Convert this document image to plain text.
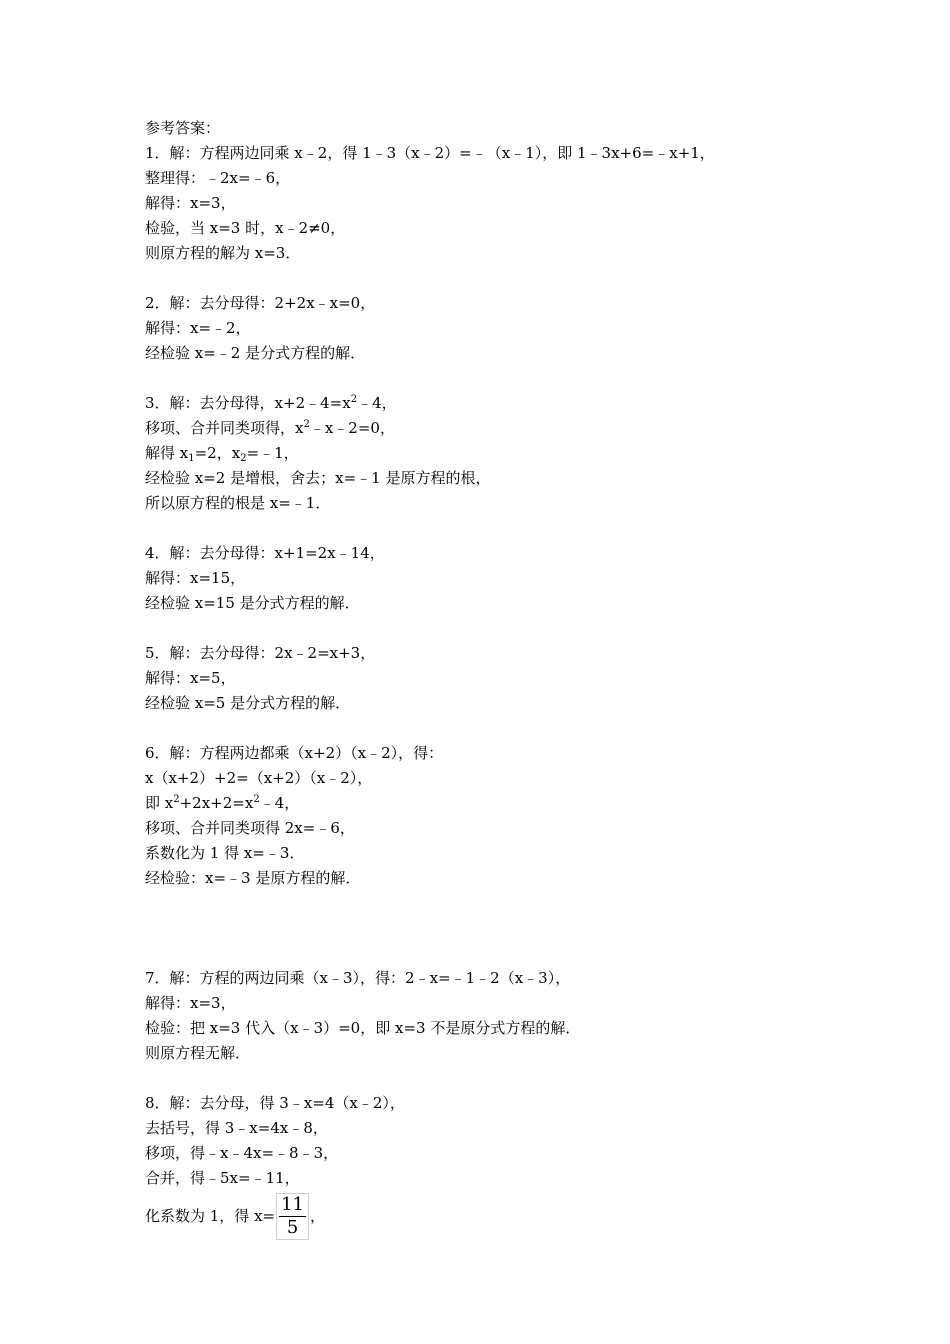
参考答案：
1．解：方程两边同乘 x﹣2，得 1﹣3（x﹣2）=﹣（x﹣1），即 1﹣3x+6=﹣x+1，
整理得：﹣2x=﹣6，
解得：x=3，
检验，当 x=3 时，x﹣2≠0，
则原方程的解为 x=3．
2．解：去分母得：2+2x﹣x=0，
解得：x=﹣2，
经检验 x=﹣2 是分式方程的解．
3．解：去分母得，$x+2﹣4=x^2﹣4$，
移项、合并同类项得，$x^2﹣x﹣2=0$，
解得 $x_1=2$，$x_2=﹣1$，
经检验 x=2 是增根，舍去；x=﹣1 是原方程的根，
所以原方程的根是 x=﹣1．
4．解：去分母得：x+1=2x﹣14，
解得：x=15，
经检验 x=15 是分式方程的解．
5．解：去分母得：2x﹣2=x+3，
解得：x=5，
经检验 x=5 是分式方程的解．
6．解：方程两边都乘（x+2）（x﹣2），得：
x（x+2）+2=（x+2）（x﹣2），
即 $x^2+2x+2=x^2﹣4$，
移项、合并同类项得 2x=﹣6，
系数化为 1 得 x=﹣3．
经检验：x=﹣3 是原方程的解．
7．解：方程的两边同乘（x﹣3），得：2﹣x=﹣1﹣2（x﹣3），
解得：x=3，
检验：把 x=3 代入（x﹣3）=0，即 x=3 不是原分式方程的解．
则原方程无解．
8．解：去分母，得 3﹣x=4（x﹣2），
去括号，得 3﹣x=4x﹣8，
移项，得﹣x﹣4x=﹣8﹣3，
合并，得﹣5x=﹣11，
化系数为 1，得 $x= \frac{11}{5}$ ，
